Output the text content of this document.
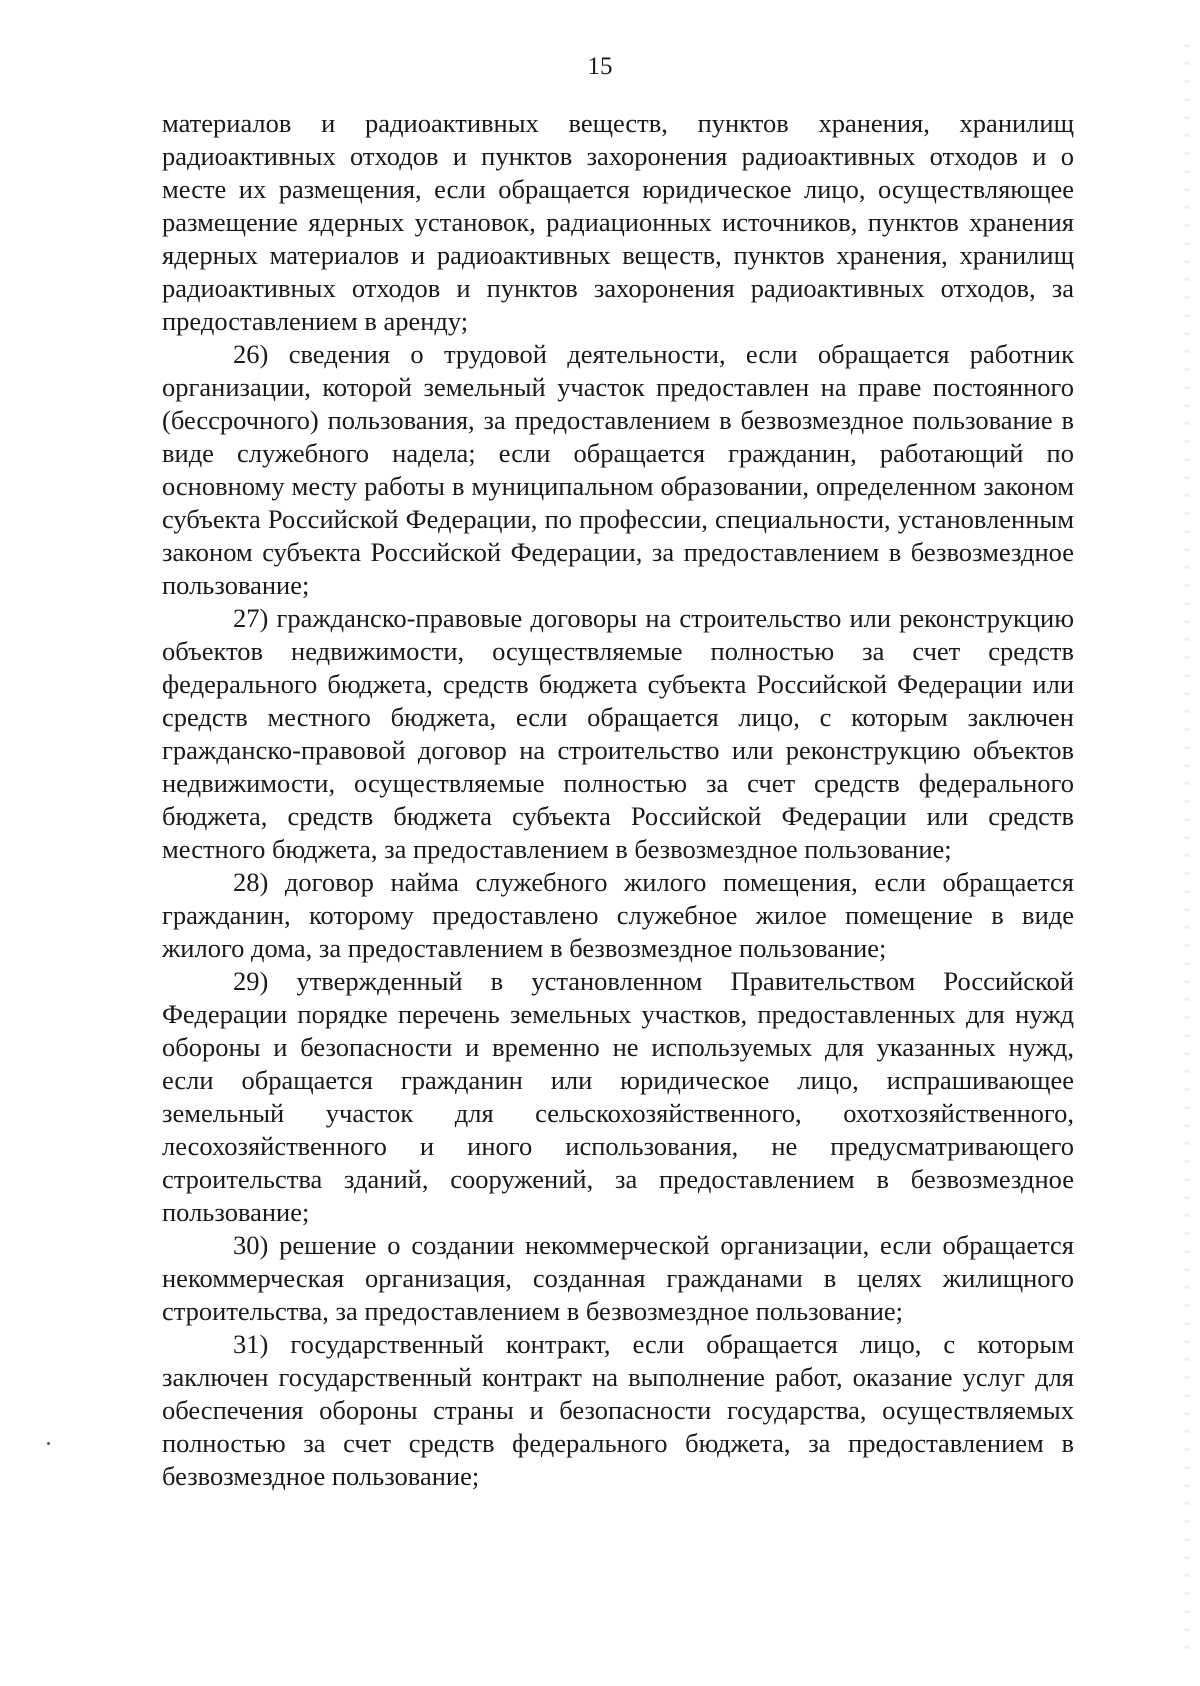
15

материалов и радиоактивных веществ, пунктов хранения, хранилищ радиоактивных отходов и пунктов захоронения радиоактивных отходов и о месте их размещения, если обращается юридическое лицо, осуществляющее размещение ядерных установок, радиационных источников, пунктов хранения ядерных материалов и радиоактивных веществ, пунктов хранения, хранилищ радиоактивных отходов и пунктов захоронения радиоактивных отходов, за предоставлением в аренду;

26) сведения о трудовой деятельности, если обращается работник организации, которой земельный участок предоставлен на праве постоянного (бессрочного) пользования, за предоставлением в безвозмездное пользование в виде служебного надела; если обращается гражданин, работающий по основному месту работы в муниципальном образовании, определенном законом субъекта Российской Федерации, по профессии, специальности, установленным законом субъекта Российской Федерации, за предоставлением в безвозмездное пользование;

27) гражданско-правовые договоры на строительство или реконструкцию объектов недвижимости, осуществляемые полностью за счет средств федерального бюджета, средств бюджета субъекта Российской Федерации или средств местного бюджета, если обращается лицо, с которым заключен гражданско-правовой договор на строительство или реконструкцию объектов недвижимости, осуществляемые полностью за счет средств федерального бюджета, средств бюджета субъекта Российской Федерации или средств местного бюджета, за предоставлением в безвозмездное пользование;

28) договор найма служебного жилого помещения, если обращается гражданин, которому предоставлено служебное жилое помещение в виде жилого дома, за предоставлением в безвозмездное пользование;

29) утвержденный в установленном Правительством Российской Федерации порядке перечень земельных участков, предоставленных для нужд обороны и безопасности и временно не используемых для указанных нужд, если обращается гражданин или юридическое лицо, испрашивающее земельный участок для сельскохозяйственного, охотхозяйственного, лесохозяйственного и иного использования, не предусматривающего строительства зданий, сооружений, за предоставлением в безвозмездное пользование;

30) решение о создании некоммерческой организации, если обращается некоммерческая организация, созданная гражданами в целях жилищного строительства, за предоставлением в безвозмездное пользование;

31) государственный контракт, если обращается лицо, с которым заключен государственный контракт на выполнение работ, оказание услуг для обеспечения обороны страны и безопасности государства, осуществляемых полностью за счет средств федерального бюджета, за предоставлением в безвозмездное пользование;
